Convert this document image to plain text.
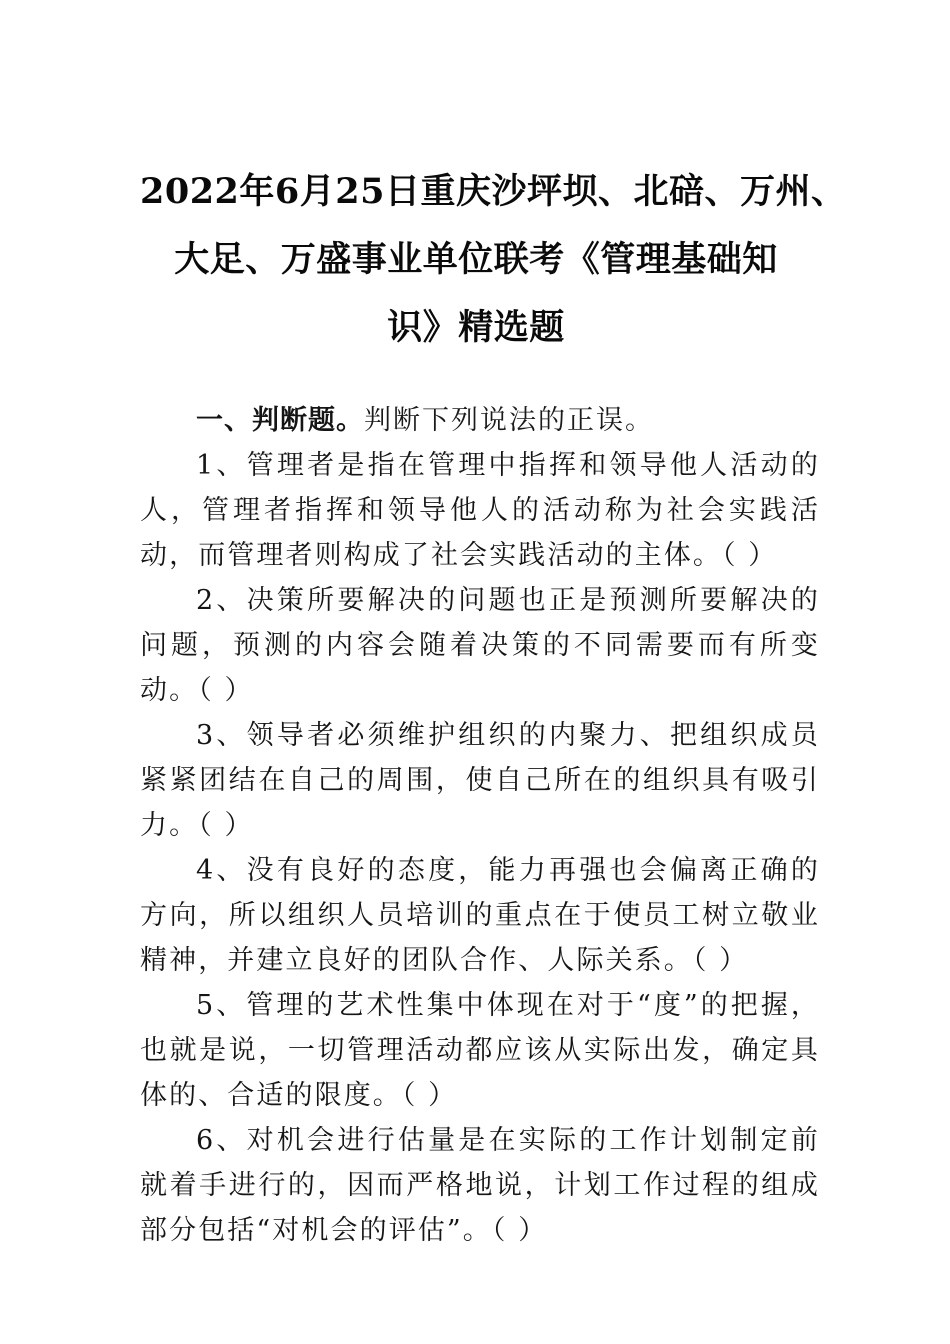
2022年6月25日重庆沙坪坝、北碚、万州、
大足、万盛事业单位联考《管理基础知
识》精选题

一、判断题。判断下列说法的正误。

1、管理者是指在管理中指挥和领导他人活动的人，管理者指挥和领导他人的活动称为社会实践活动，而管理者则构成了社会实践活动的主体。（ ）

2、决策所要解决的问题也正是预测所要解决的问题，预测的内容会随着决策的不同需要而有所变动。（ ）

3、领导者必须维护组织的内聚力、把组织成员紧紧团结在自己的周围，使自己所在的组织具有吸引力。（ ）

4、没有良好的态度，能力再强也会偏离正确的方向，所以组织人员培训的重点在于使员工树立敬业精神，并建立良好的团队合作、人际关系。（ ）

5、管理的艺术性集中体现在对于“度”的把握，也就是说，一切管理活动都应该从实际出发，确定具体的、合适的限度。（ ）

6、对机会进行估量是在实际的工作计划制定前就着手进行的，因而严格地说，计划工作过程的组成部分包括“对机会的评估”。（ ）
